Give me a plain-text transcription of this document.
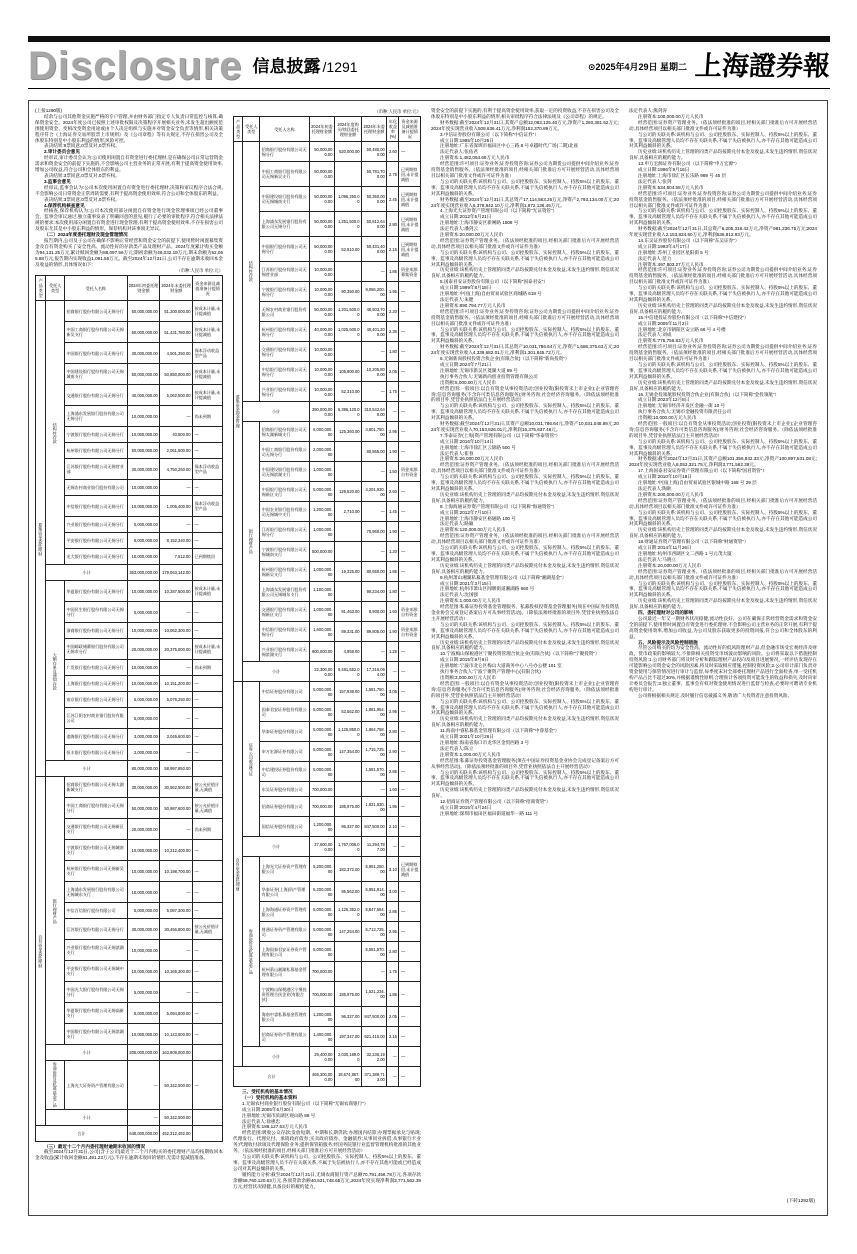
Disclosure 信息披露 /1291	⊙2025年4月29日 星期二 上海證券報
(上接1290版)
结余与公司其他资金实施严格的专户管理,并由财务部门指定专人负责日常监控与核算,确保资金安全。2024年度公司已按照上述审批权限及决策程序开展相关业务,未发生超出额度范围使用资金、变相改变资金用途或由个人决定组织与实施并对资金安全负责等情形,相关决策程序符合《上海证券交易所股票上市规则》及《公司章程》等有关规定,不存在损害公司及全体股东特别是中小股东利益的情形,风险可控。
表决结果:9票同意,0票反对,0票弃权。
2.审计委员会意见
经审议,审计委员会认为:公司使用闲置自有资金进行委托理财,是在确保公司日常运营资金需求和资金安全的前提下实施的,不会影响公司主营业务的正常开展,有利于提高资金使用效率,增加公司收益,符合公司和全体股东的利益。
表决结果:3票同意,0票反对,0票弃权。
3.监事会意见
经审议,监事会认为:公司本次使用闲置自有资金进行委托理财,决策和审议程序合法合规,不会影响公司日常资金正常周转需要,有利于提高资金使用效率,符合公司和全体股东的利益。
表决结果:3票同意,0票反对,0票弃权。
4.保荐机构核查意见
经核查,保荐机构认为:公司本次使用部分闲置自有资金进行现金管理事项已经公司董事会、监事会审议通过,独立董事发表了明确同意的意见,履行了必要的审批程序,符合相关法律法规的要求;本次使用部分闲置自有资金进行现金管理,有利于提高资金使用效率,不存在损害公司及股东尤其是中小股东利益的情形。保荐机构对该事项无异议。
（二）2024年度委托理财及现金管理情况
报告期内,公司及子公司在确保不影响正常经营和资金安全的前提下,使用暂时闲置募集资金及自有资金购买了安全性高、流动性好的存款类产品及理财产品。2024年度累计购买金额为94,131.25万元,累计赎回金额为88,097.56万元;期初余额为46,032.19万元,期末余额为52,065.88万元,报告期内实现收益1,081.56万元。截至2024年12月31日,公司不存在逾期未收回本金及收益的情形,具体情况如下:
（币种:人民币 单位:元）
产品类型	受托人类型	受托人名称	2024年初委托理财金额	2024年末委托理财金额	资金来源及减值准备计提情况
募集资金委托理财	结构性存款	招商银行股份有限公司无锡分行	50,000,000.00	51,200,000.00	按成本计量,未计提减值
		中国工商银行股份有限公司无锡新吴支行	50,000,000.00	51,431,780.00	按成本计量,未计提减值
		中国银行股份有限公司无锡分行	30,000,000.00	4,501,350.00	保本浮动收益型产品
		中国建设银行股份有限公司无锡城南支行	50,000,000.00	50,850,000.00	按成本计量,未计提减值
		交通银行股份有限公司无锡分行	40,000,000.00	5,062,500.00	按成本计量,未计提减值
		上海浦东发展银行股份有限公司无锡分行	10,000,000.00	—	尚未到期
		宁波银行股份有限公司无锡分行	10,000,000.00	40,500.00	—
		杭州银行股份有限公司无锡分行	50,000,000.00	2,061,500.00	—
		江苏银行股份有限公司无锡营业部	30,000,000.00	4,750,260.00	保本浮动收益型产品
		无锡农村商业银行股份有限公司	10,000,000.00	—	—
		中信银行股份有限公司无锡分行	10,000,000.00	1,005,400.00	保本浮动收益型产品
		兴业银行股份有限公司无锡分行	5,000,000.00	—	—
		平安银行股份有限公司无锡分行	8,000,000.00	8,152,340.00	—
		光大银行股份有限公司无锡分行	10,000,000.00	7,512.00	已到期赎回
	小计		363,000,000.00	179,063,142.00	
	大额存单及通知存款	华夏银行股份有限公司无锡分行	10,000,000.00	10,287,500.00	按成本计量,未计提减值
		中国民生银行股份有限公司无锡分行	5,000,000.00	—	—
		浙商银行股份有限公司无锡分行	10,000,000.00	10,062,300.00	—
		中国邮政储蓄银行股份有限公司无锡市分行	20,000,000.00	20,375,000.00	按成本计量,未计提减值
		广发银行股份有限公司无锡分行	10,000,000.00	—	尚未到期
		上海银行股份有限公司无锡分行	10,000,000.00	10,151,200.00	—
		南京银行股份有限公司无锡分行	5,000,000.00	5,076,250.00	—
		江苏江阴农村商业银行股份有限公司	5,000,000.00	—	—
		渤海银行股份有限公司无锡分行	3,000,000.00	3,045,600.00	—
		恒丰银行股份有限公司无锡分行	2,000,000.00	—	—
	小计		80,000,000.00	58,997,850.00	
自有资金委托理财	银行理财产品	招商银行股份有限公司无锡太湖新城支行	30,000,000.00	30,562,500.00	按公允价值计量,无减值
		中国工商银行股份有限公司无锡分行	50,000,000.00	50,987,600.00	按公允价值计量,无减值
		交通银行股份有限公司无锡新区支行	20,000,000.00	—	尚未到期
		宁波银行股份有限公司无锡城南支行	10,000,000.00	10,212,400.00	—
		杭州银行股份有限公司无锡新吴支行	10,000,000.00	10,198,700.00	—
		上海浦东发展银行股份有限公司无锡城东支行	10,000,000.00	—	—
		中信百信银行股份有限公司	5,000,000.00	5,087,300.00	—
		江苏银行股份有限公司无锡分行	30,000,000.00	30,456,800.00	按公允价值计量,无减值
		兴业银行股份有限公司无锡滨湖支行	10,000,000.00	—	—
		平安银行股份有限公司无锡城中支行	10,000,000.00	10,165,300.00	—
		中国光大银行股份有限公司无锡分行	5,000,000.00	—	—
		华夏银行股份有限公司无锡高新支行	5,000,000.00	5,094,800.00	—
		中国银行股份有限公司无锡滨湖支行	10,000,000.00	10,143,600.00	—
	小计		205,000,000.00	163,909,000.00	
	券商资管及私募基金产品	上海光大证券资产管理有限公司	—	50,342,500.00	—
	小计		—	50,342,500.00	
合计			648,000,000.00	452,312,492.00	
（三）最近十二个月内委托理财逾期未收回的情况
截至2024年12月31日,公司(含子公司)最近十二个月内购买的委托理财产品均按期收回本金及收益(累计收回金额61,491.23万元),不存在逾期未收回的情形,无需计提减值准备。
（币种:人民币 单位:元）
产品类型	受托人类型	受托人名称	2024年初委托理财金额	2024年度购买/赎回委托理财金额	2024年末委托理财金额	年化收益率(%)	资金来源及减值准备计提情况
募集资金现金管理	结构性存款	招商银行股份有限公司无锡分行	50,000,000.00	520,000.00	50,480,000.00	2.60	—
		中国工商银行股份有限公司无锡新吴支行	50,000,000.00		50,781,700.00	2.75	已到期赎回,未计提减值
		中国建设银行股份有限公司无锡城南支行	50,000,000.00	1,096,250.00	50,350,000.00	2.45	已到期赎回,未计提减值
		上海浦东发展银行股份有限公司无锡分行	50,000,000.00	1,251,500.00	50,812,640.00	2.80	已到期赎回,未计提减值
		中国银行股份有限公司无锡分行	50,000,000.00	52,810.00	50,431,400.00	2.15	已到期赎回,未计提减值
		江苏银行股份有限公司无锡营业部	10,000,000.00		—	1.85	资金来源:募集资金
		宁波银行股份有限公司无锡分行	10,000,000.00	90,350.00	9,056,200.00	1.95	—
		无锡农村商业银行股份有限公司	50,000,000.00	1,201,500.00	48,503,700.00	2.20	—
		杭州银行股份有限公司无锡分行	40,000,000.00	1,025,600.00	40,401,200.00	2.35	—
		交通银行股份有限公司无锡分行	10,000,000.00		—	1.80	—
		中信银行股份有限公司无锡分行	10,000,000.00	105,800.00	10,205,800.00	2.05	—
		兴业银行股份有限公司无锡分行	10,000,000.00	52,310.00	—	1.75	—
	小计		390,000,000.00	5,396,120.00	310,542,640.00	—	—
	银行理财产品	招商银行股份有限公司无锡太湖新城支行	6,000,000.00	125,360.00	4,801,750.00	2.95	—
		中国工商银行股份有限公司无锡分行	2,000,000.00		80,865.00	1.90	—
		中国建设银行股份有限公司无锡滨湖支行	1,000,000.00		—	1.50	资金来源:自有资金
		中国银行股份有限公司无锡新区支行	5,000,000.00	129,520.00	4,201,930.00	2.60	—
		中国农业银行股份有限公司无锡城中支行	1,200,000.00	2,710.00	—	1.45	—
		江苏银行股份有限公司无锡分行	1,000,000.00		70,960.00	1.90	—
		宁波银行股份有限公司无锡城南支行	500,000.00		—	1.20	—
		杭州银行股份有限公司无锡新吴支行	1,000,000.00	19,325.00	80,650.00	1.85	—
		上海浦东发展银行股份有限公司无锡城东支行	1,100,000.00		90,234.00	1.80	—
		交通银行股份有限公司无锡新区支行	1,000,000.00	91,463.00	8,900.00	1.60	资金来源:自有资金
		中信银行股份有限公司无锡分行	1,600,000.00	89,331.00	89,805.00	1.90	资金来源:自有资金
		兴业银行股份有限公司无锡滨湖支行	900,000.00	4,958.00	—	1.25	—
	小计		22,300,000.00	9,481,552.00	17,316,094.00	—	—
自有资金委托理财	证券公司收益凭证	中信证券股份有限公司	5,000,000.00	157,938.00	1,581,750.00	3.05	—
		国泰君安证券股份有限公司	5,000,000.00	53,562.00	1,881,954.00	2.95	—
		华泰证券股份有限公司	5,000,000.00	1,125,850.00	1,864,758.00	2.80	—
		申万宏源证券有限公司	5,000,000.00	147,354.00	1,715,725.00	2.90	—
		中信建投证券股份有限公司	5,000,000.00		1,581,570.00	2.85	—
		东吴证券股份有限公司	700,000.00		—	1.60	—
		招商证券股份有限公司	700,000.00	185,975.00	1,821,530.00	1.95	—
		国信证券股份有限公司	1,200,000.00	96,327.00	847,500.00	2.10	—
	小计		27,600,000.00	1,767,006.00	11,294,787.00	—	—
	券商资管及私募基金产品	上海光大证券资产管理有限公司	5,200,000.00	182,372.00	5,951,250.00	3.10	已到期赎回,未计提减值
		华泰证券(上海)资产管理有限公司	5,200,000.00	95,562.00	5,851,914.00	3.00	—
		上海海通证券资产管理有限公司	5,000,000.00	1,125,352.00	5,847,584.00	2.85	—
		财通证券资产管理有限公司	5,000,000.00	147,254.00	5,713,725.00	2.95	—
		上海国泰君安证券资产管理有限公司	5,000,000.00		5,581,570.00	2.80	—
		杭州萧山湘湖私募基金管理有限公司	700,000.00		—	1.75	—
		宁波梅山保税港区宁聚投资管理合伙企业(有限合伙)	700,000.00	185,975.00	1,521,234.00	1.85	—
		海南中睿私募基金管理有限公司	1,200,000.00	96,327.00	847,500.00	2.05	—
		招商证券资产管理有限公司	1,400,000.00	197,347.00	921,415.00	2.15	—
	小计		29,400,000.00	2,030,189.00	32,236,192.00	—	—
合计			469,300,000.00	18,674,867.00	371,389,713.00	—	—
三、受托机构的基本情况
（一）受托机构的基本资料
1.无锡农村商业银行股份有限公司（以下简称“无锡农商银行”）
成立日期:2005年6月30日
注册地址:无锡市滨湖区观山路 88 号
法定代表人:徐惠忠
注册资本:186,127.63万元人民币
经营范围:吸收公众存款;发放短期、中期和长期贷款;办理国内结算;办理票据承兑与贴现;代理发行、代理兑付、承销政府债券;买卖政府债券、金融债券;从事同业拆借;从事银行卡业务;代理收付款项及代理保险业务;提供保管箱服务;经国务院银行业监督管理机构批准的其他业务。（依法须经批准的项目,经相关部门批准后方可开展经营活动）
与公司的关联关系:该机构与公司、公司控股股东、实际控制人、持股5%以上的股东、董事、监事及高级管理人员不存在关联关系,不属于失信被执行人,亦不存在其他可能或已经造成公司对其利益倾斜的关系。
履约能力分析:截至2024年12月31日,无锡农商银行资产总额70,791,456.78万元,各项存款余额58,760,120.63万元,各项贷款余额40,531,748.65万元,2024年度实现净利润3,771,562.39万元,经营状况稳健,具备良好的履约能力。
资金安全的前提下实施的,有利于提高资金使用效率,获取一定的投资收益,不存在损害公司及全体股东特别是中小股东利益的情形,相关审批程序符合法律法规及《公司章程》的规定。
财务数据:截至2024年12月31日,其资产总额12,083,125.40万元,净资产1,260,381.52万元;2024年度实现营业收入508,636.41万元,净利润152,370.89万元。
3.中信证券股份有限公司（以下简称“中信证券”）
成立日期:1995年10月25日
注册地址:广东省深圳市福田区中心三路 8 号卓越时代广场(二期)北座
法定代表人:张佑君
注册资本:1,482,054.69万元人民币
经营范围:许可项目:证券业务;证券投资咨询;证券公司为期货公司提供中间介绍业务;证券投资基金销售服务。（依法须经批准的项目,经相关部门批准后方可开展经营活动,具体经营项目以相关部门批准文件或许可证件为准）
与公司的关联关系:该机构与公司、公司控股股东、实际控制人、持股5%以上的股东、董事、监事及高级管理人员均不存在关联关系,不属于失信被执行人,亦不存在其他可能造成公司对其利益倾斜的关系。
财务数据:截至2024年12月31日,其总资产17,114,563.25万元,净资产2,793,134.00万元;2024年度实现营业收入6,378,942.10万元,净利润1,972,136.45万元。
4.上海光大证券资产管理有限公司（以下简称“光证资管”）
成立日期:2012年5月21日
注册地址:上海市静安区新闸路 1508 号
法定代表人:潘剑云
注册资本:20,000.00万元人民币
经营范围:证券资产管理业务。（依法须经批准的项目,经相关部门批准后方可开展经营活动,具体经营项目以相关部门批准文件或许可证件为准）
与公司的关联关系:该机构与公司、公司控股股东、实际控制人、持股5%以上的股东、董事、监事及高级管理人员均不存在关联关系,不属于失信被执行人,亦不存在其他可能造成公司对其利益倾斜的关系。
历史业绩:该机构历史上管理的同类产品均按期兑付本金及收益,未发生违约情形,资信状况良好,具备相应的履约能力。
5.国泰君安证券股份有限公司（以下简称“国泰君安”）
成立日期:1999年8月18日
注册地址:中国(上海)自由贸易试验区商城路 618 号
法定代表人:朱健
注册资本:890,794.77万元人民币
经营范围:许可项目:证券业务;证券投资咨询;证券公司为期货公司提供中间介绍业务;证券投资基金销售服务。（依法须经批准的项目,经相关部门批准后方可开展经营活动,具体经营项目以相关部门批准文件或许可证件为准）
与公司的关联关系:该机构与公司、公司控股股东、实际控制人、持股5%以上的股东、董事、监事及高级管理人员均不存在关联关系,不属于失信被执行人,亦不存在其他可能造成公司对其利益倾斜的关系。
财务数据:截至2024年12月31日,其总资产10,031,786.64万元,净资产1,686,375.63万元;2024年度实现营业收入4,339,682.01万元,净利润1,301,845.72万元。
6.无锡新尚股权投资合伙企业(有限合伙)（以下简称“新尚投资”）
成立日期:2024年7月21日
注册地址:无锡市新吴区菱湖大道 99 号
执行事务合伙人:无锡新尚创业投资管理有限公司
出资额:5,000.00万元人民币
经营范围:一般项目:以自有资金从事投资活动;创业投资(限投资未上市企业);企业管理咨询;信息咨询服务(不含许可类信息咨询服务);财务咨询;社会经济咨询服务。（除依法须经批准的项目外,凭营业执照依法自主开展经营活动）
与公司的关联关系:该机构与公司、公司控股股东、实际控制人、持股5%以上的股东、董事、监事及高级管理人员均不存在关联关系,不属于失信被执行人,亦不存在其他可能造成公司对其利益倾斜的关系。
财务数据:截至2024年12月31日,其资产总额10,031,786.64元,净资产10,031,048.89元;2024年度实现营业收入70,153,826.01元,净利润16,375,637.46元。
7.华泰证券(上海)资产管理有限公司（以下简称“华泰资管”）
成立日期:2016年10月14日
注册地址:上海市徐汇区云锦路 500 号
法定代表人:崔春
注册资本:26,000.00万元人民币
经营范围:证券资产管理业务。（依法须经批准的项目,经相关部门批准后方可开展经营活动,具体经营项目以相关部门批准文件或许可证件为准）
与公司的关联关系:该机构与公司、公司控股股东、实际控制人、持股5%以上的股东、董事、监事及高级管理人员均不存在关联关系,不属于失信被执行人,亦不存在其他可能造成公司对其利益倾斜的关系。
历史业绩:该机构历史上管理的同类产品均按期兑付本金及收益,未发生违约情形,资信状况良好,具备相应的履约能力。
8.上海海通证券资产管理有限公司（以下简称“海通资管”）
成立日期:2012年7月10日
注册地址:上海市静安区裕通路 100 号
法定代表人:路颖
注册资本:120,000.00万元人民币
经营范围:证券资产管理业务。（依法须经批准的项目,经相关部门批准后方可开展经营活动,具体经营项目以相关部门批准文件或许可证件为准）
与公司的关联关系:该机构与公司、公司控股股东、实际控制人、持股5%以上的股东、董事、监事及高级管理人员均不存在关联关系,不属于失信被执行人,亦不存在其他可能造成公司对其利益倾斜的关系。
历史业绩:该机构历史上管理的同类产品均按期兑付本金及收益,未发生违约情形,资信状况良好,具备相应的履约能力。
9.杭州萧山湘湖私募基金管理有限公司（以下简称“湘湖基金”）
成立日期:2021年3月15日
注册地址:杭州市萧山区闻堰街道湘湖路 660 号
法定代表人:沈国强
注册资本:1,000.00万元人民币
经营范围:私募证券投资基金管理服务、私募股权投资基金管理服务(须在中国证券投资基金业协会完成登记备案后方可从事经营活动)。（除依法须经批准的项目外,凭营业执照依法自主开展经营活动）
与公司的关联关系:该机构与公司、公司控股股东、实际控制人、持股5%以上的股东、董事、监事及高级管理人员均不存在关联关系,不属于失信被执行人,亦不存在其他可能造成公司对其利益倾斜的关系。
历史业绩:该机构历史上管理的同类产品均按期兑付本金及收益,未发生违约情形,资信状况良好,具备相应的履约能力。
10.宁波梅山保税港区宁聚投资管理合伙企业(有限合伙)（以下简称“宁聚投资”）
成立日期:2015年9月6日
注册地址:宁波市北仑区梅山大道商务中心八号办公楼 101 室
执行事务合伙人:宁波宁聚资产管理中心(有限合伙)
出资额:3,000.00万元人民币
经营范围:一般项目:以自有资金从事投资活动;创业投资(限投资未上市企业);企业管理咨询;信息咨询服务(不含许可类信息咨询服务);财务咨询;社会经济咨询服务。（除依法须经批准的项目外,凭营业执照依法自主开展经营活动）
与公司的关联关系:该机构与公司、公司控股股东、实际控制人、持股5%以上的股东、董事、监事及高级管理人员均不存在关联关系,不属于失信被执行人,亦不存在其他可能造成公司对其利益倾斜的关系。
历史业绩:该机构历史上管理的同类产品均按期兑付本金及收益,未发生违约情形,资信状况良好,具备相应的履约能力。
11.海南中睿私募基金管理有限公司（以下简称“中睿基金”）
成立日期:2021年10月26日
注册地址:海南省海口市龙华区金贸西路 3 号
法定代表人:陈立
注册资本:1,000.00万元人民币
经营范围:私募证券投资基金管理服务(须在中国证券投资基金业协会完成登记备案后方可从事经营活动)。（除依法须经批准的项目外,凭营业执照依法自主开展经营活动）
与公司的关联关系:该机构与公司、公司控股股东、实际控制人、持股5%以上的股东、董事、监事及高级管理人员均不存在关联关系,不属于失信被执行人,亦不存在其他可能造成公司对其利益倾斜的关系。
历史业绩:该机构历史上管理的同类产品均按期兑付本金及收益,未发生违约情形,资信状况良好。
12.招商证券资产管理有限公司（以下简称“招商资管”）
成立日期:2015年4月24日
注册地址:深圳市福田区福田街道福华一路 111 号
法定代表人:熊剑涛
注册资本:100,000.00万元人民币
经营范围:证券资产管理业务。（依法须经批准的项目,经相关部门批准后方可开展经营活动,具体经营项目以相关部门批准文件或许可证件为准）
与公司的关联关系:该机构与公司、公司控股股东、实际控制人、持股5%以上的股东、董事、监事及高级管理人员均不存在关联关系,不属于失信被执行人,亦不存在其他可能造成公司对其利益倾斜的关系。
历史业绩:该机构历史上管理的同类产品均按期兑付本金及收益,未发生违约情形,资信状况良好,具备相应的履约能力。
13.申万宏源证券有限公司（以下简称“申万宏源”）
成立日期:1996年9月16日
注册地址:上海市徐汇区长乐路 989 号 45 层
法定代表人:张剑
注册资本:534,604.58万元人民币
经营范围:许可项目:证券业务;证券投资咨询;证券公司为期货公司提供中间介绍业务;证券投资基金销售服务。（依法须经批准的项目,经相关部门批准后方可开展经营活动,具体经营项目以相关部门批准文件或许可证件为准）
与公司的关联关系:该机构与公司、公司控股股东、实际控制人、持股5%以上的股东、董事、监事及高级管理人员均不存在关联关系,不属于失信被执行人,亦不存在其他可能造成公司对其利益倾斜的关系。
财务数据:截至2024年12月31日,其总资产6,205,318.42万元,净资产981,236.75万元;2024年度实现营业收入2,153,824.60万元,净利润536,812.93万元。
14.东吴证券股份有限公司（以下简称“东吴证券”）
成立日期:1993年4月17日
注册地址:苏州工业园区星阳街 5 号
法定代表人:范力
注册资本:497,803.27万元人民币
经营范围:许可项目:证券业务;证券投资咨询;证券公司为期货公司提供中间介绍业务;证券投资基金销售服务。（依法须经批准的项目,经相关部门批准后方可开展经营活动,具体经营项目以相关部门批准文件或许可证件为准）
与公司的关联关系:该机构与公司、公司控股股东、实际控制人、持股5%以上的股东、董事、监事及高级管理人员均不存在关联关系,不属于失信被执行人,亦不存在其他可能造成公司对其利益倾斜的关系。
历史业绩:该机构历史上管理的同类产品均按期兑付本金及收益,未发生违约情形,资信状况良好,具备相应的履约能力。
15.中信建投证券股份有限公司（以下简称“中信建投”）
成立日期:2005年11月2日
注册地址:北京市朝阳区安立路 66 号 4 号楼
法定代表人:刘成
注册资本:775,756.83万元人民币
经营范围:许可项目:证券业务;证券投资咨询;证券公司为期货公司提供中间介绍业务;证券投资基金销售服务。（依法须经批准的项目,经相关部门批准后方可开展经营活动,具体经营项目以相关部门批准文件或许可证件为准）
与公司的关联关系:该机构与公司、公司控股股东、实际控制人、持股5%以上的股东、董事、监事及高级管理人员均不存在关联关系,不属于失信被执行人,亦不存在其他可能造成公司对其利益倾斜的关系。
历史业绩:该机构历史上管理的同类产品均按期兑付本金及收益,未发生违约情形,资信状况良好,具备相应的履约能力。
16.无锡金投领航股权投资合伙企业(有限合伙)（以下简称“金投领航”）
成立日期:2023年12月8日
注册地址:无锡市经济开发区金融一街 10 号
执行事务合伙人:无锡市金融投资有限责任公司
出资额:10,000.00万元人民币
经营范围:一般项目:以自有资金从事投资活动;创业投资(限投资未上市企业);企业管理咨询;信息咨询服务(不含许可类信息咨询服务);财务咨询;社会经济咨询服务。（除依法须经批准的项目外,凭营业执照依法自主开展经营活动）
与公司的关联关系:该机构与公司、公司控股股东、实际控制人、持股5%以上的股东、董事、监事及高级管理人员均不存在关联关系,不属于失信被执行人,亦不存在其他可能造成公司对其利益倾斜的关系。
财务数据:截至2024年12月31日,其资产总额101,356,842.33元,净资产100,897,531.08元;2024年度实现营业收入8,053,321.75元,净利润3,771,562.39元。
17.上海国泰君安证券资产管理有限公司（以下简称“国君资管”）
成立日期:2010年10月18日
注册地址:中国(上海)自由贸易试验区银城中路 168 号 29 层
法定代表人:陶耿
注册资本:200,000.00万元人民币
经营范围:证券资产管理业务。（依法须经批准的项目,经相关部门批准后方可开展经营活动,具体经营项目以相关部门批准文件或许可证件为准）
与公司的关联关系:该机构与公司、公司控股股东、实际控制人、持股5%以上的股东、董事、监事及高级管理人员均不存在关联关系,不属于失信被执行人,亦不存在其他可能造成公司对其利益倾斜的关系。
历史业绩:该机构历史上管理的同类产品均按期兑付本金及收益,未发生违约情形,资信状况良好,具备相应的履约能力。
18.财通证券资产管理有限公司（以下简称“财通资管”）
成立日期:2014年11月26日
注册地址:杭州市西湖区文二西路 1 号元茂大厦
法定代表人:马晓立
注册资本:20,000.00万元人民币
经营范围:证券资产管理业务。（依法须经批准的项目,经相关部门批准后方可开展经营活动,具体经营项目以相关部门批准文件或许可证件为准）
与公司的关联关系:该机构与公司、公司控股股东、实际控制人、持股5%以上的股东、董事、监事及高级管理人员均不存在关联关系,不属于失信被执行人,亦不存在其他可能造成公司对其利益倾斜的关系。
历史业绩:该机构历史上管理的同类产品均按期兑付本金及收益,未发生违约情形,资信状况良好,具备相应的履约能力。
四、委托理财对公司的影响
公司最近一年又一期财务状况稳健,流动性良好。公司在确保正常经营资金需求和资金安全的前提下,使用暂时闲置自有资金进行委托理财,不会影响公司主营业务的正常开展,有利于提高资金使用效率,增加公司收益,为公司及股东获取更多的投资回报,符合公司和全体股东的利益。
五、风险提示及风险控制措施
尽管公司购买的均为安全性高、流动性好的低风险理财产品,但金融市场受宏观经济及财政、货币政策的影响较大,不排除相关投资受市场波动影响的风险。公司将采取以下措施控制投资风险:1.公司财务部门将及时分析和跟踪理财产品投向及项目进展情况,一经评估发现存在可能影响公司资金安全的风险因素,将及时采取相应措施,控制投资风险;2.公司审计部门负责对资金使用与保管情况进行审计与监督,每季度末对全部委托理财产品进行全面检查,单一受托机构产品占比不超过30%,并根据谨慎性原则,合理预计各项投资可能发生的收益和损失,及时向审计委员会报告;3.独立董事、监事会有权对资金使用情况进行监督与检查,必要时可聘请专业机构进行审计。
公司将根据相关规定,及时履行信息披露义务,敬请广大投资者注意投资风险。
(下转1292版)
